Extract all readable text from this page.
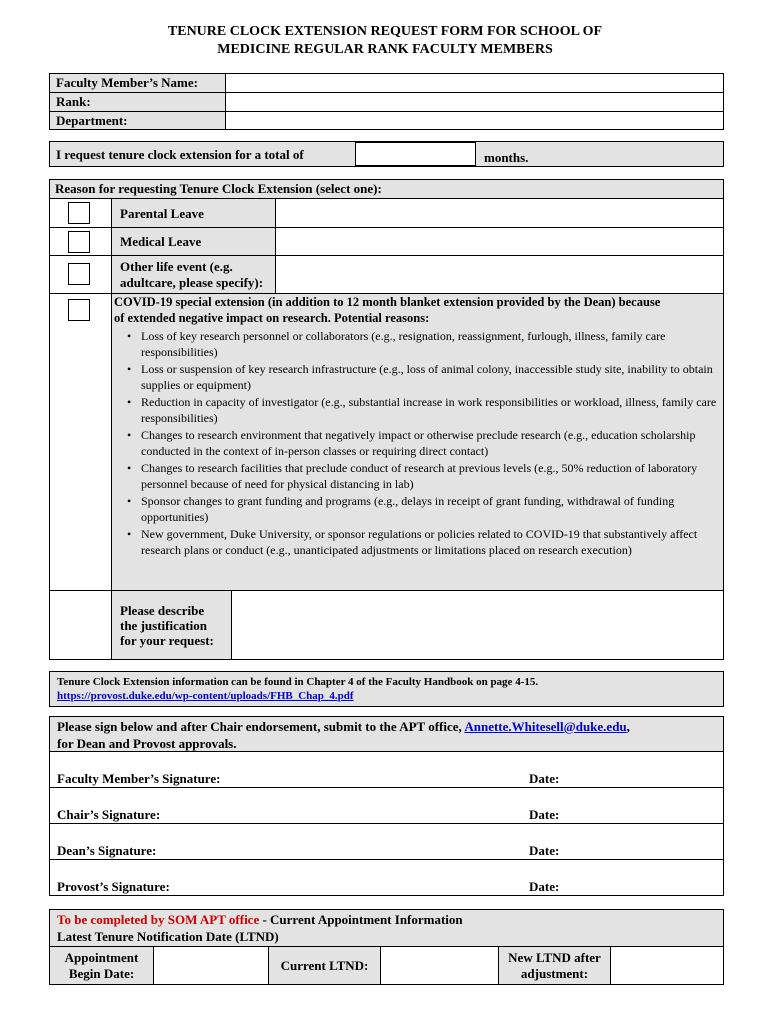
TENURE CLOCK EXTENSION REQUEST FORM FOR SCHOOL OF
MEDICINE REGULAR RANK FACULTY MEMBERS
Faculty Member’s Name:
Rank:
Department:
I request tenure clock extension for a total of	months.
Reason for requesting Tenure Clock Extension (select one):
Parental Leave
Medical Leave
Other life event (e.g.
adultcare, please specify):
COVID-19 special extension (in addition to 12 month blanket extension provided by the Dean) because
of extended negative impact on research. Potential reasons:
• Loss of key research personnel or collaborators (e.g., resignation, reassignment, furlough, illness, family care responsibilities)
• Loss or suspension of key research infrastructure (e.g., loss of animal colony, inaccessible study site, inability to obtain supplies or equipment)
• Reduction in capacity of investigator (e.g., substantial increase in work responsibilities or workload, illness, family care responsibilities)
• Changes to research environment that negatively impact or otherwise preclude research (e.g., education scholarship conducted in the context of in-person classes or requiring direct contact)
• Changes to research facilities that preclude conduct of research at previous levels (e.g., 50% reduction of laboratory personnel because of need for physical distancing in lab)
• Sponsor changes to grant funding and programs (e.g., delays in receipt of grant funding, withdrawal of funding opportunities)
• New government, Duke University, or sponsor regulations or policies related to COVID-19 that substantively affect research plans or conduct (e.g., unanticipated adjustments or limitations placed on research execution)
Please describe
the justification
for your request:
Tenure Clock Extension information can be found in Chapter 4 of the Faculty Handbook on page 4-15.
https://provost.duke.edu/wp-content/uploads/FHB_Chap_4.pdf
Please sign below and after Chair endorsement, submit to the APT office, Annette.Whitesell@duke.edu,
for Dean and Provost approvals.
Faculty Member’s Signature:	Date:
Chair’s Signature:	Date:
Dean’s Signature:	Date:
Provost’s Signature:	Date:
To be completed by SOM APT office - Current Appointment Information
Latest Tenure Notification Date (LTND)
Appointment
Begin Date:
Current LTND:
New LTND after
adjustment:
